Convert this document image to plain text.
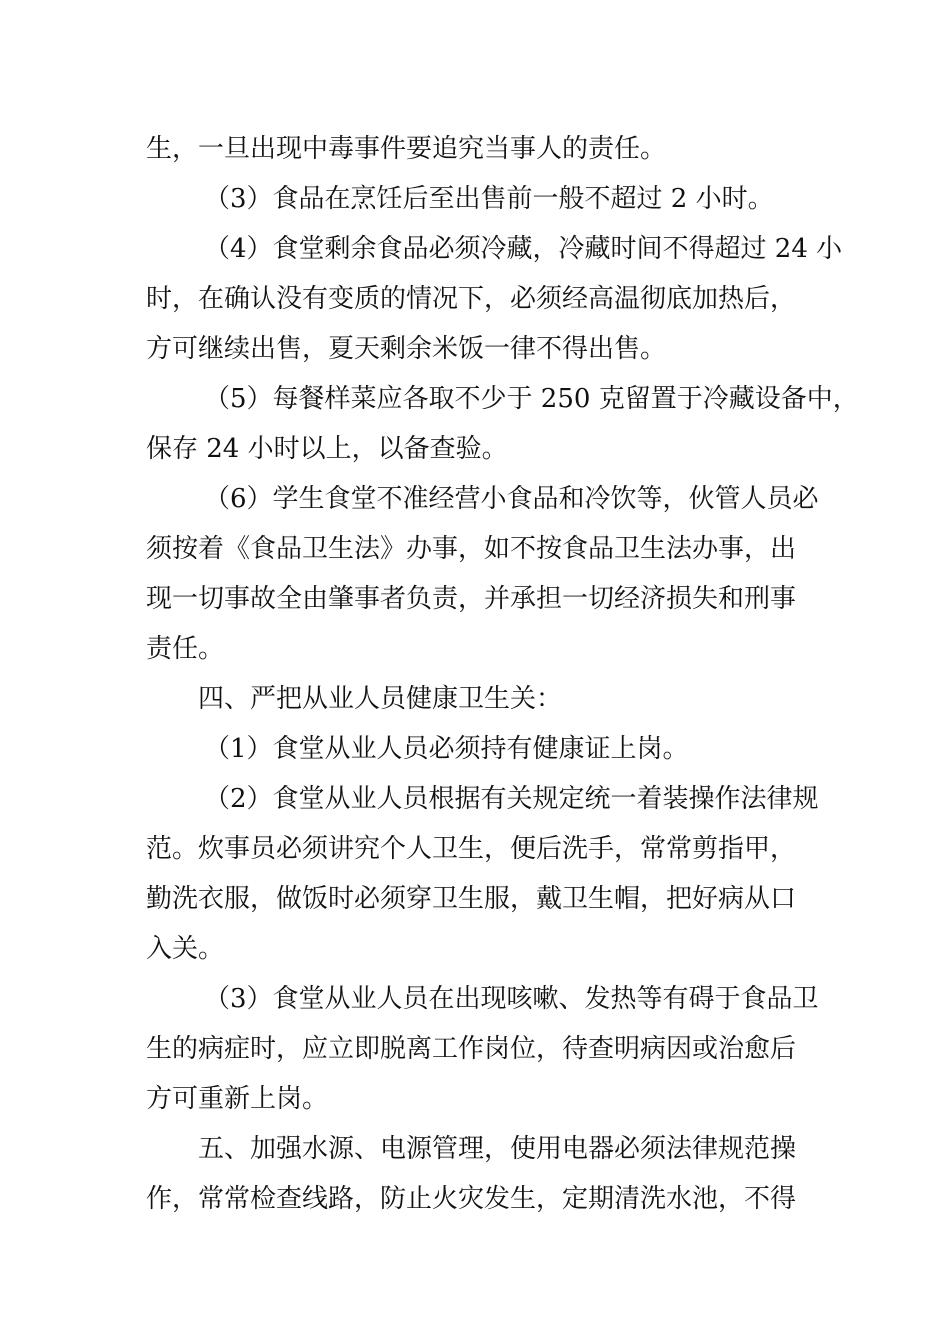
生，一旦出现中毒事件要追究当事人的责任。
（3）食品在烹饪后至出售前一般不超过 2 小时。
（4）食堂剩余食品必须冷藏，冷藏时间不得超过 24 小
时，在确认没有变质的情况下，必须经高温彻底加热后，
方可继续出售，夏天剩余米饭一律不得出售。
（5）每餐样菜应各取不少于 250 克留置于冷藏设备中，
保存 24 小时以上，以备查验。
（6）学生食堂不准经营小食品和冷饮等，伙管人员必
须按着《食品卫生法》办事，如不按食品卫生法办事，出
现一切事故全由肇事者负责，并承担一切经济损失和刑事
责任。
四、严把从业人员健康卫生关：
（1）食堂从业人员必须持有健康证上岗。
（2）食堂从业人员根据有关规定统一着装操作法律规
范。炊事员必须讲究个人卫生，便后洗手，常常剪指甲，
勤洗衣服，做饭时必须穿卫生服，戴卫生帽，把好病从口
入关。
（3）食堂从业人员在出现咳嗽、发热等有碍于食品卫
生的病症时，应立即脱离工作岗位，待查明病因或治愈后
方可重新上岗。
五、加强水源、电源管理，使用电器必须法律规范操
作，常常检查线路，防止火灾发生，定期清洗水池，不得
